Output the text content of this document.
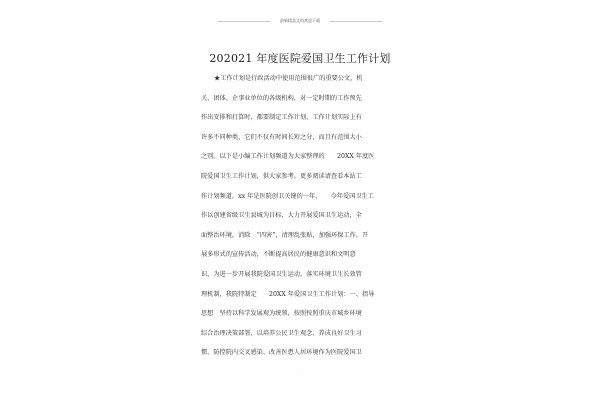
最新精品文档欢迎下载
202021 年度医院爱国卫生工作计划
★工作计划是行政活动中使用范围很广的重要公文，机
关、团体、企事业单位的各级机构，对一定时期的工作预先
作出安排和打算时，都要制定工作计划，工作计划实际上有
许多不同种类，它们不仅有时间长短之分，而且有范围大小
之别。以下是小编工作计划频道为大家整理的　　20XX 年度医
院爱国卫生工作计划，供大家参考。更多阅读请查看本站工
作计划频道。xx 年是医院创卫关键的一年，　　今年爱国卫生工
作以创建省级卫生县城为目标，大力开展爱国卫生运动，全
面整治环境，消除　“四害”，清理乱张贴，加强环保工作，开
展多形式的宣传活动，不断提高居民的健康意识和文明意
识，为进一步开展我院爱国卫生运动，落实环境卫生长效管
理机制，我院特制定　　20XX 年爱国卫生工作计划：一、指导
思想　坚持以科学发展观为统领，按照按照重庆市城乡环境
综合治理决策部署，以培养公民卫生观念、养成良好卫生习
惯、防控院内交叉感染、改善医患人居环境作为医院爱国卫
.
